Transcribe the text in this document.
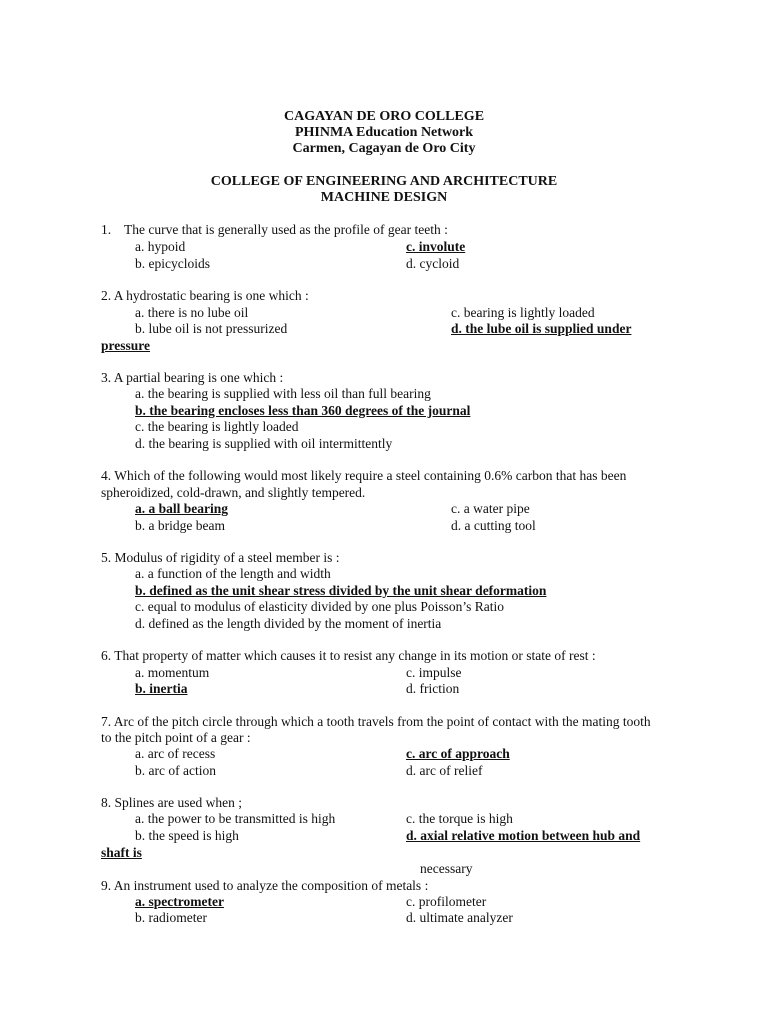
CAGAYAN DE ORO COLLEGE
PHINMA Education Network
Carmen, Cagayan de Oro City
COLLEGE OF ENGINEERING AND ARCHITECTURE
MACHINE DESIGN
1. The curve that is generally used as the profile of gear teeth :
a. hypoid	c. involute
b. epicycloids	d. cycloid
2. A hydrostatic bearing is one which :
a. there is no lube oil	c. bearing is lightly loaded
b. lube oil is not pressurized	d. the lube oil is supplied under
pressure
3. A partial bearing is one which :
a. the bearing is supplied with less oil than full bearing
b. the bearing encloses less than 360 degrees of the journal
c. the bearing is lightly loaded
d. the bearing is supplied with oil intermittently
4. Which of the following would most likely require a steel containing 0.6% carbon that has been
spheroidized, cold-drawn, and slightly tempered.
a. a ball bearing	c. a water pipe
b. a bridge beam	d. a cutting tool
5. Modulus of rigidity of a steel member is :
a. a function of the length and width
b. defined as the unit shear stress divided by the unit shear deformation
c. equal to modulus of elasticity divided by one plus Poisson’s Ratio
d. defined as the length divided by the moment of inertia
6. That property of matter which causes it to resist any change in its motion or state of rest :
a. momentum	c. impulse
b. inertia	d. friction
7. Arc of the pitch circle through which a tooth travels from the point of contact with the mating tooth
to the pitch point of a gear :
a. arc of recess	c. arc of approach
b. arc of action	d. arc of relief
8. Splines are used when ;
a. the power to be transmitted is high	c. the torque is high
b. the speed is high	d. axial relative motion between hub and
shaft is
necessary
9. An instrument used to analyze the composition of metals :
a. spectrometer	c. profilometer
b. radiometer	d. ultimate analyzer
